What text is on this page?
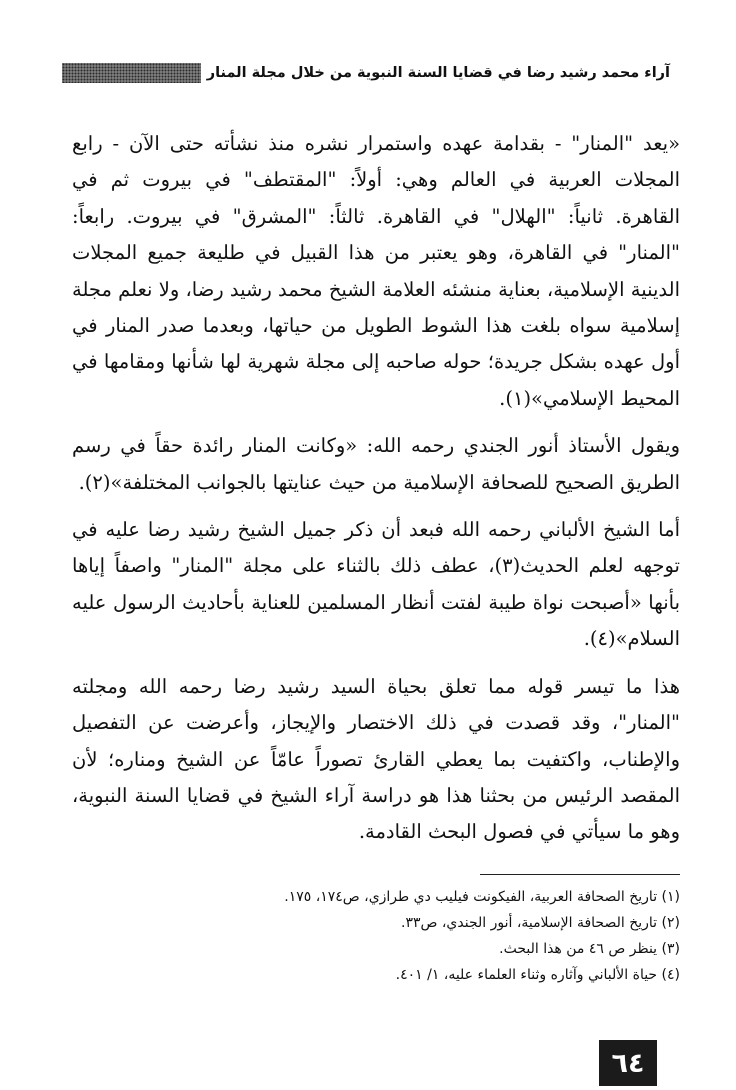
آراء محمد رشيد رضا في قضايا السنة النبوية من خلال مجلة المنار

«يعد "المنار" - بقدامة عهده واستمرار نشره منذ نشأته حتى الآن - رابع المجلات العربية في العالم وهي: أولاً: "المقتطف" في بيروت ثم في القاهرة. ثانياً: "الهلال" في القاهرة. ثالثاً: "المشرق" في بيروت. رابعاً: "المنار" في القاهرة، وهو يعتبر من هذا القبيل في طليعة جميع المجلات الدينية الإسلامية، بعناية منشئه العلامة الشيخ محمد رشيد رضا، ولا نعلم مجلة إسلامية سواه بلغت هذا الشوط الطويل من حياتها، وبعدما صدر المنار في أول عهده بشكل جريدة؛ حوله صاحبه إلى مجلة شهرية لها شأنها ومقامها في المحيط الإسلامي»(١).

ويقول الأستاذ أنور الجندي رحمه الله: «وكانت المنار رائدة حقاً في رسم الطريق الصحيح للصحافة الإسلامية من حيث عنايتها بالجوانب المختلفة»(٢).

أما الشيخ الألباني رحمه الله فبعد أن ذكر جميل الشيخ رشيد رضا عليه في توجهه لعلم الحديث(٣)، عطف ذلك بالثناء على مجلة "المنار" واصفاً إياها بأنها «أصبحت نواة طيبة لفتت أنظار المسلمين للعناية بأحاديث الرسول عليه السلام»(٤).

هذا ما تيسر قوله مما تعلق بحياة السيد رشيد رضا رحمه الله ومجلته "المنار"، وقد قصدت في ذلك الاختصار والإيجاز، وأعرضت عن التفصيل والإطناب، واكتفيت بما يعطي القارئ تصوراً عامّاً عن الشيخ ومناره؛ لأن المقصد الرئيس من بحثنا هذا هو دراسة آراء الشيخ في قضايا السنة النبوية، وهو ما سيأتي في فصول البحث القادمة.

(١) تاريخ الصحافة العربية، الفيكونت فيليب دي طرازي، ص١٧٤، ١٧٥.
(٢) تاريخ الصحافة الإسلامية، أنور الجندي، ص٣٣.
(٣) ينظر ص ٤٦ من هذا البحث.
(٤) حياة الألباني وآثاره وثناء العلماء عليه، ١/ ٤٠١.
٦٤
